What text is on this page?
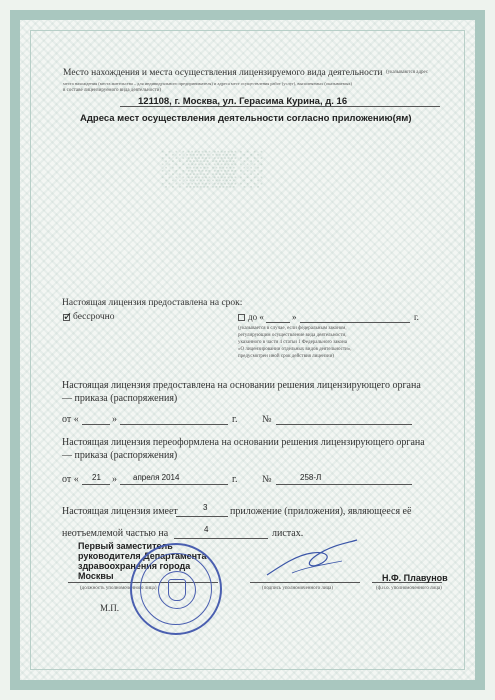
░▒▒░
Место нахождения и места осуществления лицензируемого вида деятельности (указываются адрес
места нахождения (места жительства – для индивидуального предпринимателя) и адреса мест осуществления работ (услуг), выполняемых (оказываемых)
в составе лицензируемого вида деятельности)
121108, г. Москва, ул. Герасима Курина, д. 16
Адреса мест осуществления деятельности согласно приложению(ям)
Настоящая лицензия предоставлена на срок:
✓ бессрочно	до «	»	г.
(указывается в случае, если федеральным законом,
регулирующим осуществление вида деятельности,
указанного в части 4 статьи 1 Федерального закона
«О лицензировании отдельных видов деятельности»,
предусмотрен иной срок действия лицензии)
Настоящая лицензия предоставлена на основании решения лицензирующего органа
— приказа (распоряжения)
от «	»	г. №
Настоящая лицензия переоформлена на основании решения лицензирующего органа
— приказа (распоряжения)
от « 21 » апреля 2014	г. №	258-Л
Настоящая лицензия имеет	3 приложение (приложения), являющееся её
неотъемлемой частью на	4	листах.
Первый заместитель
руководителя Департамента
здравоохранения города
Москвы	Н.Ф. Плавунов
(должность уполномоченного лица)	(подпись уполномоченного лица)	(ф.и.о. уполномоченного лица)
М.П.
